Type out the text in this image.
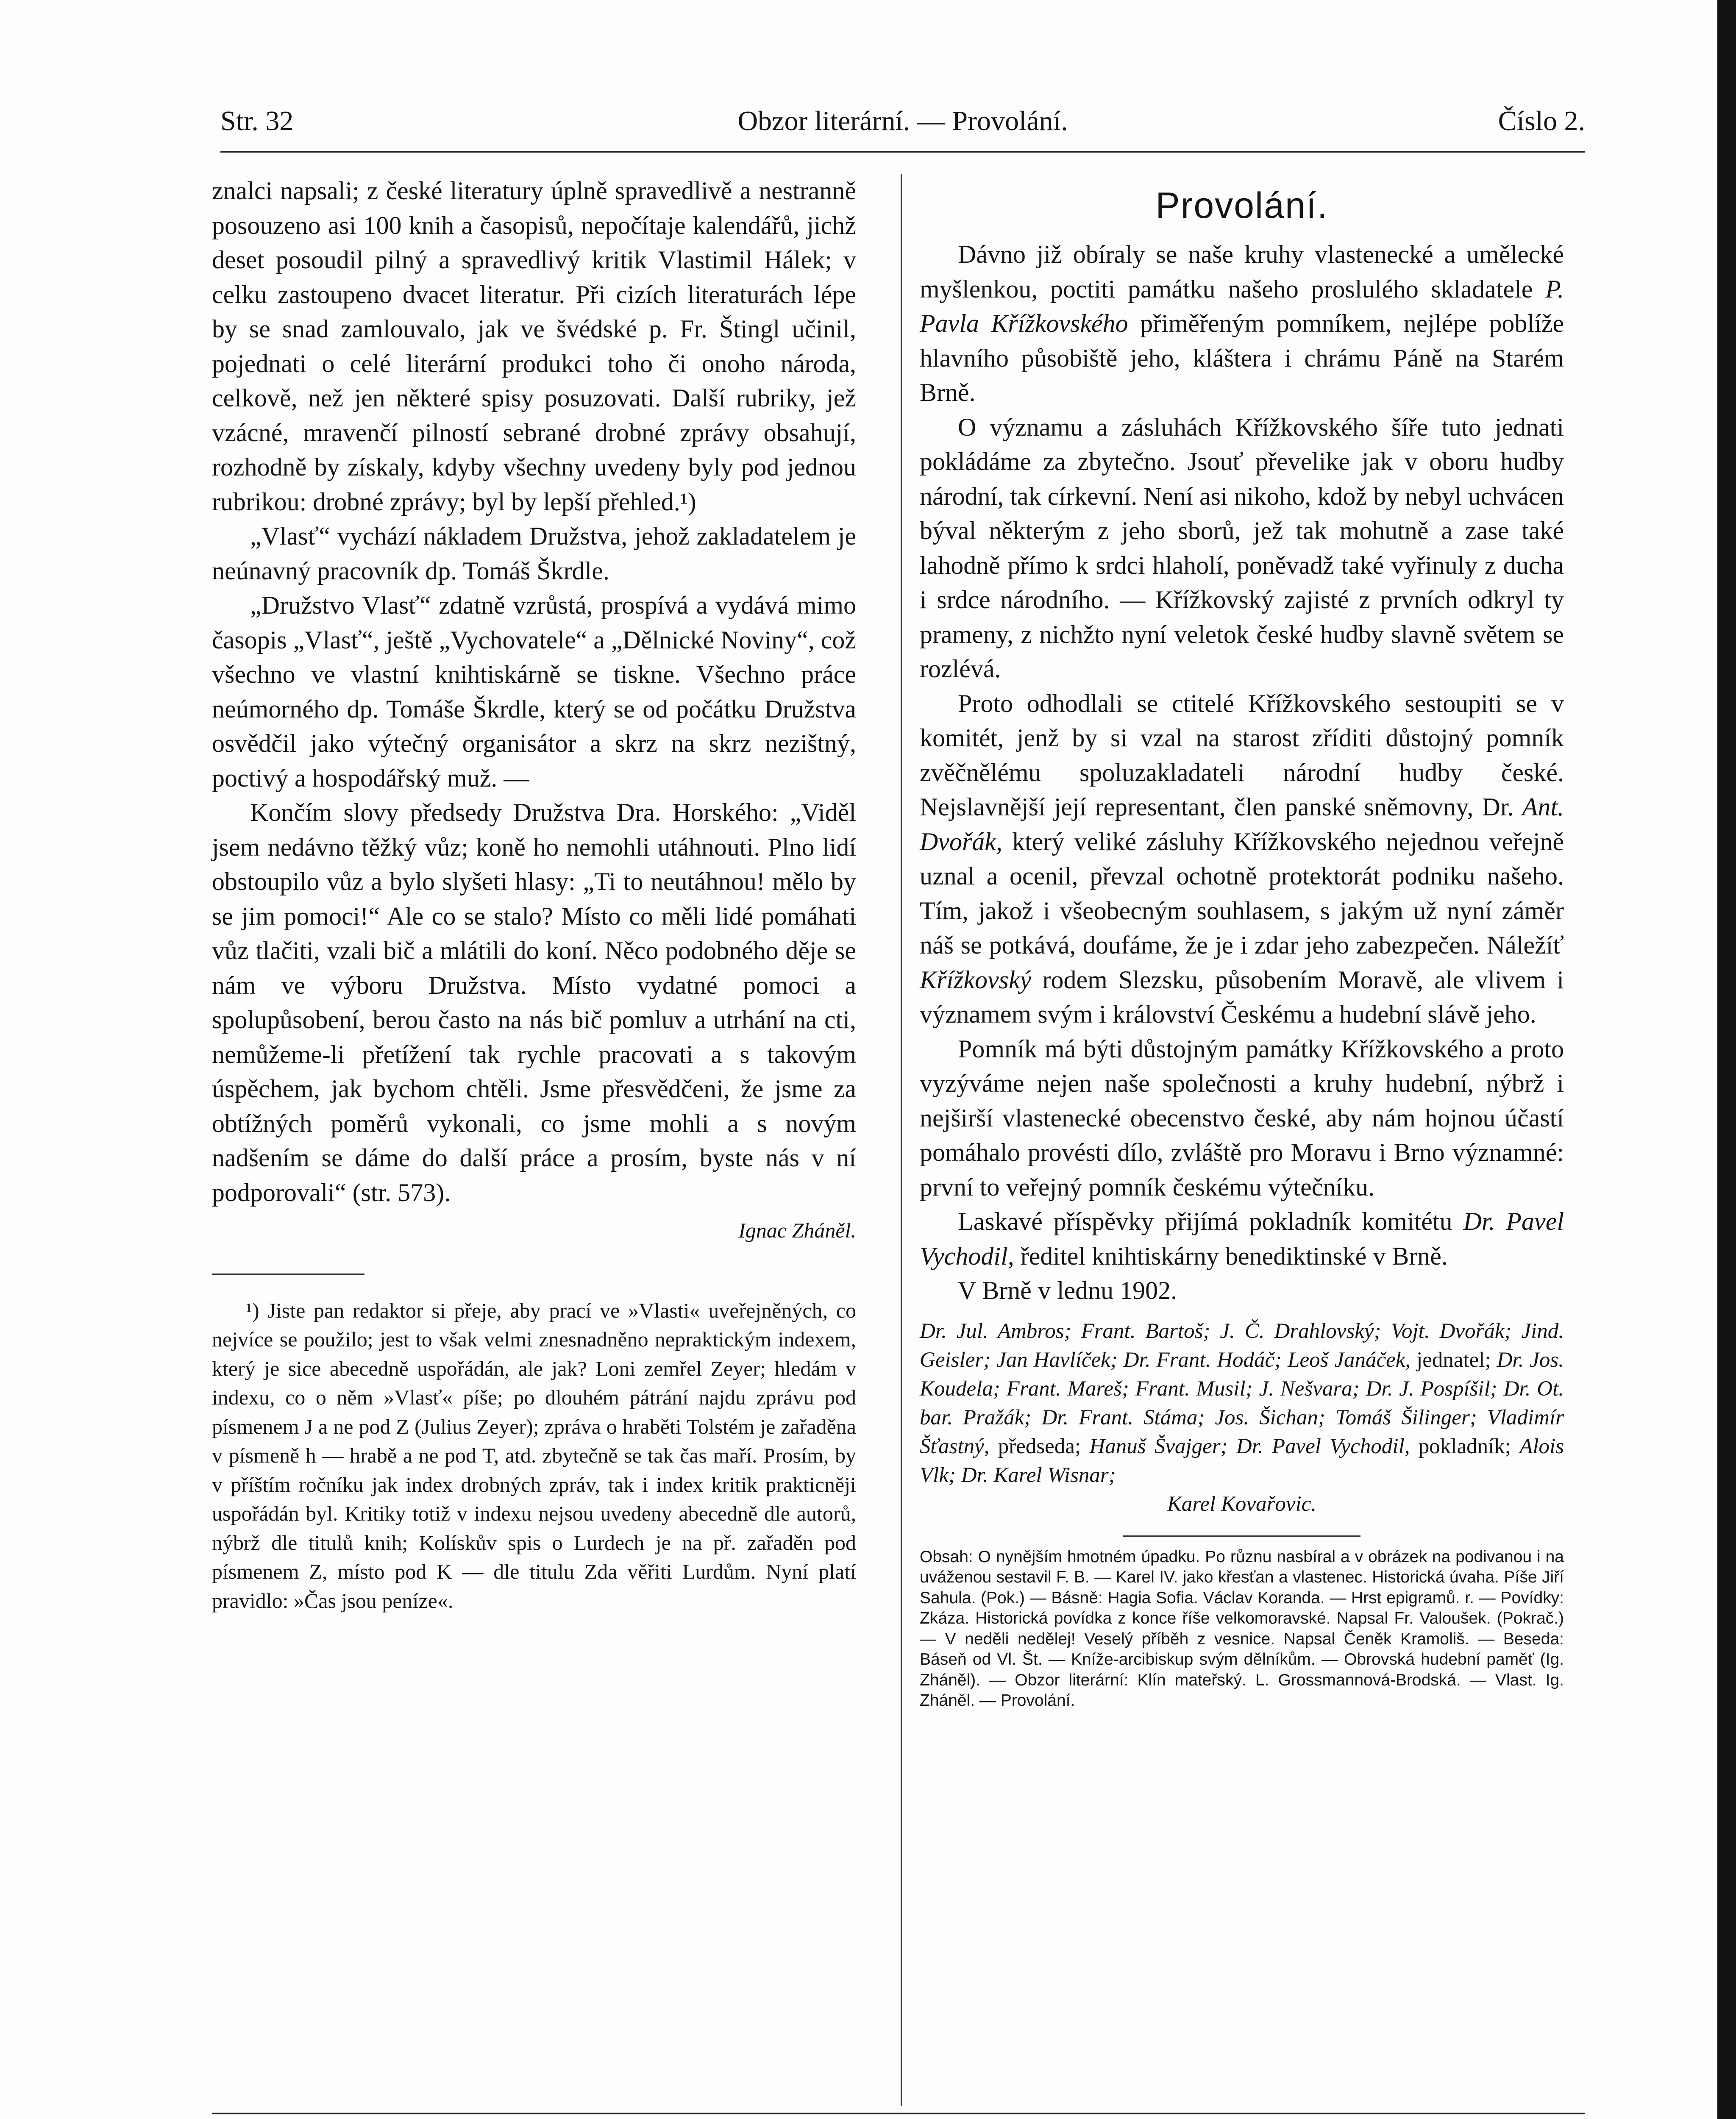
Str. 32	Obzor literární. — Provolání.	Číslo 2.

znalci napsali; z české literatury úplně spravedlivě a nestranně posouzeno asi 100 knih a časopisů, nepočítaje kalendářů, jichž deset posoudil pilný a spravedlivý kritik Vlastimil Hálek; v celku zastoupeno dvacet literatur. Při cizích literaturách lépe by se snad zamlouvalo, jak ve švédské p. Fr. Štingl učinil, pojednati o celé literární produkci toho či onoho národa, celkově, než jen některé spisy posuzovati. Další rubriky, jež vzácné, mravenčí pilností sebrané drobné zprávy obsahují, rozhodně by získaly, kdyby všechny uvedeny byly pod jednou rubrikou: drobné zprávy; byl by lepší přehled.¹)

„Vlasť“ vychází nákladem Družstva, jehož zakladatelem je neúnavný pracovník dp. Tomáš Škrdle.

„Družstvo Vlasť“ zdatně vzrůstá, prospívá a vydává mimo časopis „Vlasť“, ještě „Vychovatele“ a „Dělnické Noviny“, což všechno ve vlastní knihtiskárně se tiskne. Všechno práce neúmorného dp. Tomáše Škrdle, který se od počátku Družstva osvědčil jako výtečný organisátor a skrz na skrz nezištný, poctivý a hospodářský muž. —

Končím slovy předsedy Družstva Dra. Horského: „Viděl jsem nedávno těžký vůz; koně ho nemohli utáhnouti. Plno lidí obstoupilo vůz a bylo slyšeti hlasy: „Ti to neutáhnou! mělo by se jim pomoci!“ Ale co se stalo? Místo co měli lidé pomáhati vůz tlačiti, vzali bič a mlátili do koní. Něco podobného děje se nám ve výboru Družstva. Místo vydatné pomoci a spolupůsobení, berou často na nás bič pomluv a utrhání na cti, nemůžeme-li přetížení tak rychle pracovati a s takovým úspěchem, jak bychom chtěli. Jsme přesvědčeni, že jsme za obtížných poměrů vykonali, co jsme mohli a s novým nadšením se dáme do další práce a prosím, byste nás v ní podporovali“ (str. 573).

Ignac Zháněl.

¹) Jiste pan redaktor si přeje, aby prací ve »Vlasti« uveřejněných, co nejvíce se použilo; jest to však velmi znesnadněno nepraktickým indexem, který je sice abecedně uspořádán, ale jak? Loni zemřel Zeyer; hledám v indexu, co o něm »Vlasť« píše; po dlouhém pátrání najdu zprávu pod písmenem J a ne pod Z (Julius Zeyer); zpráva o hraběti Tolstém je zařaděna v písmeně h — hrabě a ne pod T, atd. zbytečně se tak čas maří. Prosím, by v příštím ročníku jak index drobných zpráv, tak i index kritik prakticněji uspořádán byl. Kritiky totiž v indexu nejsou uvedeny abecedně dle autorů, nýbrž dle titulů knih; Kolískův spis o Lurdech je na př. zařaděn pod písmenem Z, místo pod K — dle titulu Zda věřiti Lurdům. Nyní platí pravidlo: »Čas jsou peníze«.

Provolání.

Dávno již obíraly se naše kruhy vlastenecké a umělecké myšlenkou, poctiti památku našeho proslulého skladatele P. Pavla Křížkovského přiměřeným pomníkem, nejlépe poblíže hlavního působiště jeho, kláštera i chrámu Páně na Starém Brně.

O významu a zásluhách Křížkovského šíře tuto jednati pokládáme za zbytečno. Jsouť převelike jak v oboru hudby národní, tak církevní. Není asi nikoho, kdož by nebyl uchvácen býval některým z jeho sborů, jež tak mohutně a zase také lahodně přímo k srdci hlaholí, poněvadž také vyřinuly z ducha i srdce národního. — Křížkovský zajisté z prvních odkryl ty prameny, z nichžto nyní veletok české hudby slavně světem se rozlévá.

Proto odhodlali se ctitelé Křížkovského sestoupiti se v komitét, jenž by si vzal na starost zříditi důstojný pomník zvěčnělému spoluzakladateli národní hudby české. Nejslavnější její representant, člen panské sněmovny, Dr. Ant. Dvořák, který veliké zásluhy Křížkovského nejednou veřejně uznal a ocenil, převzal ochotně protektorát podniku našeho. Tím, jakož i všeobecným souhlasem, s jakým už nyní záměr náš se potkává, doufáme, že je i zdar jeho zabezpečen. Náležíť Křížkovský rodem Slezsku, působením Moravě, ale vlivem i významem svým i království Českému a hudební slávě jeho.

Pomník má býti důstojným památky Křížkovského a proto vyzýváme nejen naše společnosti a kruhy hudební, nýbrž i nejširší vlastenecké obecenstvo české, aby nám hojnou účastí pomáhalo provésti dílo, zvláště pro Moravu i Brno významné: první to veřejný pomník českému výtečníku.

Laskavé příspěvky přijímá pokladník komitétu Dr. Pavel Vychodil, ředitel knihtiskárny benediktinské v Brně.

V Brně v lednu 1902.

Dr. Jul. Ambros; Frant. Bartoš; J. Č. Drahlovský; Vojt. Dvořák; Jind. Geisler; Jan Havlíček; Dr. Frant. Hodáč; Leoš Janáček, jednatel; Dr. Jos. Koudela; Frant. Mareš; Frant. Musil; J. Nešvara; Dr. J. Pospíšil; Dr. Ot. bar. Pražák; Dr. Frant. Stáma; Jos. Šichan; Tomáš Šilinger; Vladimír Šťastný, předseda; Hanuš Švajger; Dr. Pavel Vychodil, pokladník; Alois Vlk; Dr. Karel Wisnar;
Karel Kovařovic.

Obsah: O nynějším hmotném úpadku. Po různu nasbíral a v obrázek na podivanou i na uváženou sestavil F. B. — Karel IV. jako křesťan a vlastenec. Historická úvaha. Píše Jiří Sahula. (Pok.) — Básně: Hagia Sofia. Václav Koranda. — Hrst epigramů. r. — Povídky: Zkáza. Historická povídka z konce říše velkomoravské. Napsal Fr. Valoušek. (Pokrač.) — V neděli nedělej! Veselý příběh z vesnice. Napsal Čeněk Kramoliš. — Beseda: Báseň od Vl. Št. — Kníže-arcibiskup svým dělníkům. — Obrovská hudební paměť (Ig. Zháněl). — Obzor literární: Klín mateřský. L. Grossmannová-Brodská. — Vlast. Ig. Zháněl. — Provolání.
